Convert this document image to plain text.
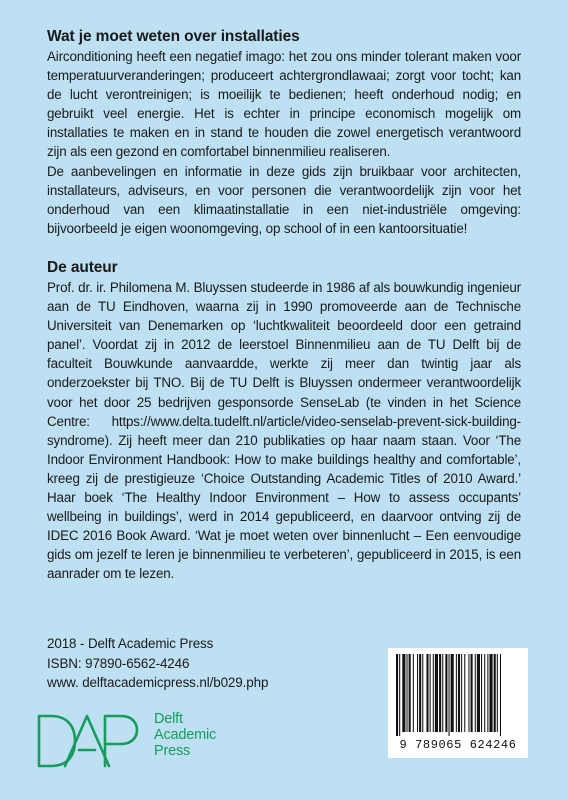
Wat je moet weten over installaties

Airconditioning heeft een negatief imago: het zou ons minder tolerant maken voor temperatuurveranderingen; produceert achtergrondlawaai; zorgt voor tocht; kan de lucht verontreinigen; is moeilijk te bedienen; heeft onderhoud nodig; en gebruikt veel energie. Het is echter in principe economisch mogelijk om installaties te maken en in stand te houden die zowel energetisch verantwoord zijn als een gezond en comfortabel binnenmilieu realiseren.

De aanbevelingen en informatie in deze gids zijn bruikbaar voor architecten, installateurs, adviseurs, en voor personen die verantwoordelijk zijn voor het onderhoud van een klimaatinstallatie in een niet-industriële omgeving: bijvoorbeeld je eigen woonomgeving, op school of in een kantoorsituatie!

De auteur

Prof. dr. ir. Philomena M. Bluyssen studeerde in 1986 af als bouwkundig ingenieur aan de TU Eindhoven, waarna zij in 1990 promoveerde aan de Technische Universiteit van Denemarken op ‘luchtkwaliteit beoordeeld door een getraind panel’. Voordat zij in 2012 de leerstoel Binnenmilieu aan de TU Delft bij de faculteit Bouwkunde aanvaardde, werkte zij meer dan twintig jaar als onderzoekster bij TNO. Bij de TU Delft is Bluyssen ondermeer verantwoordelijk voor het door 25 bedrijven gesponsorde SenseLab (te vinden in het Science Centre: https://www.delta.tudelft.nl/article/video-senselab-prevent-sick-building-syndrome). Zij heeft meer dan 210 publikaties op haar naam staan. Voor ‘The Indoor Environment Handbook: How to make buildings healthy and comfortable’, kreeg zij de prestigieuze ‘Choice Outstanding Academic Titles of 2010 Award.’ Haar boek ‘The Healthy Indoor Environment – How to assess occupants’ wellbeing in buildings’, werd in 2014 gepubliceerd, en daarvoor ontving zij de IDEC 2016 Book Award. ‘Wat je moet weten over binnenlucht – Een eenvoudige gids om jezelf te leren je binnenmilieu te verbeteren’, gepubliceerd in 2015, is een aanrader om te lezen.

2018 - Delft Academic Press
ISBN: 97890-6562-4246
www. delftacademicpress.nl/b029.php
Delft
Academic
Press	9 789065 624246
